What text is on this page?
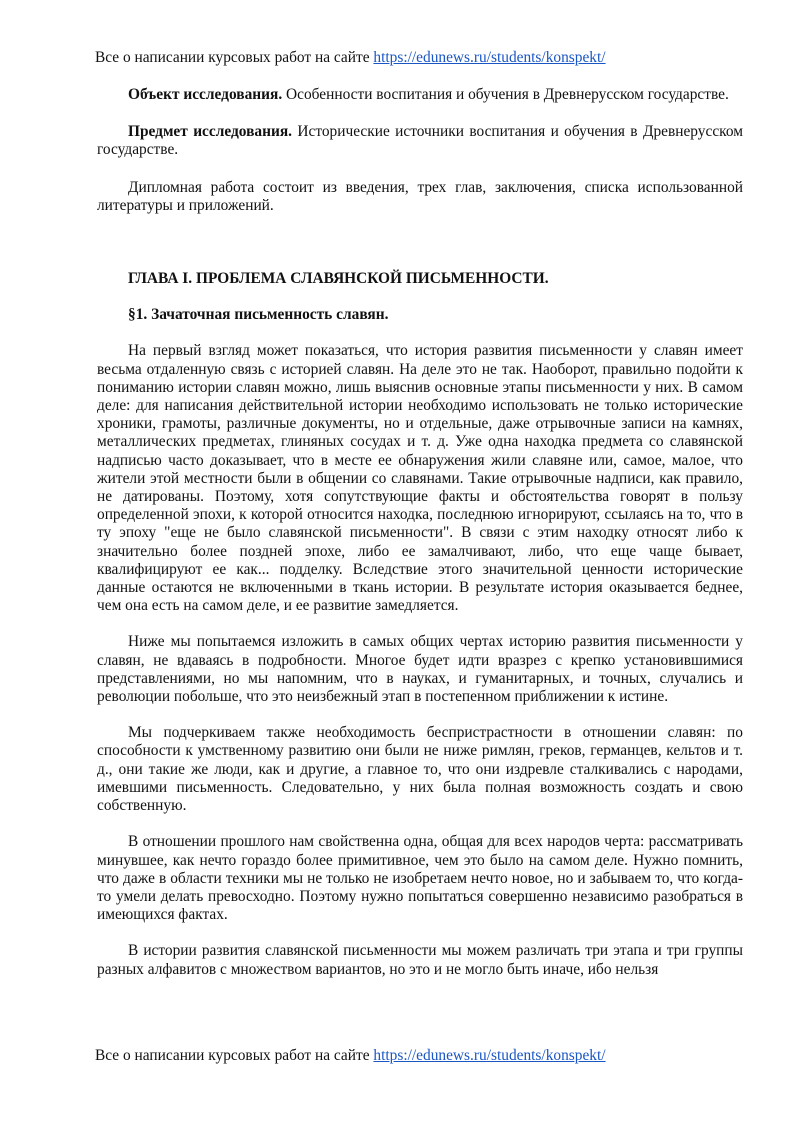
Все о написании курсовых работ на сайте https://edunews.ru/students/konspekt/

Объект исследования. Особенности воспитания и обучения в Древнерусском государстве.

Предмет исследования. Исторические источники воспитания и обучения в Древнерусском государстве.

Дипломная работа состоит из введения, трех глав, заключения, списка использованной литературы и приложений.

ГЛАВА I. ПРОБЛЕМА СЛАВЯНСКОЙ ПИСЬМЕННОСТИ.

§1. Зачаточная письменность славян.

На первый взгляд может показаться, что история развития письменности у славян имеет весьма отдаленную связь с историей славян. На деле это не так. Наоборот, правильно подойти к пониманию истории славян можно, лишь выяснив основные этапы письменности у них. В самом деле: для написания действительной истории необходимо использовать не только исторические хроники, грамоты, различные документы, но и отдельные, даже отрывочные записи на камнях, металлических предметах, глиняных сосудах и т. д. Уже одна находка предмета со славянской надписью часто доказывает, что в месте ее обнаружения жили славяне или, самое, малое, что жители этой местности были в общении со славянами. Такие отрывочные надписи, как правило, не датированы. Поэтому, хотя сопутствующие факты и обстоятельства говорят в пользу определенной эпохи, к которой относится находка, последнюю игнорируют, ссылаясь на то, что в ту эпоху "еще не было славянской письменности". В связи с этим находку относят либо к значительно более поздней эпохе, либо ее замалчивают, либо, что еще чаще бывает, квалифицируют ее как... подделку. Вследствие этого значительной ценности исторические данные остаются не включенными в ткань истории. В результате история оказывается беднее, чем она есть на самом деле, и ее развитие замедляется.

Ниже мы попытаемся изложить в самых общих чертах историю развития письменности у славян, не вдаваясь в подробности. Многое будет идти вразрез с крепко установившимися представлениями, но мы напомним, что в науках, и гуманитарных, и точных, случались и революции побольше, что это неизбежный этап в постепенном приближении к истине.

Мы подчеркиваем также необходимость беспристрастности в отношении славян: по способности к умственному развитию они были не ниже римлян, греков, германцев, кельтов и т. д., они такие же люди, как и другие, а главное то, что они издревле сталкивались с народами, имевшими письменность. Следовательно, у них была полная возможность создать и свою собственную.

В отношении прошлого нам свойственна одна, общая для всех народов черта: рассматривать минувшее, как нечто гораздо более примитивное, чем это было на самом деле. Нужно помнить, что даже в области техники мы не только не изобретаем нечто новое, но и забываем то, что когда-то умели делать превосходно. Поэтому нужно попытаться совершенно независимо разобраться в имеющихся фактах.

В истории развития славянской письменности мы можем различать три этапа и три группы разных алфавитов с множеством вариантов, но это и не могло быть иначе, ибо нельзя

Все о написании курсовых работ на сайте https://edunews.ru/students/konspekt/
